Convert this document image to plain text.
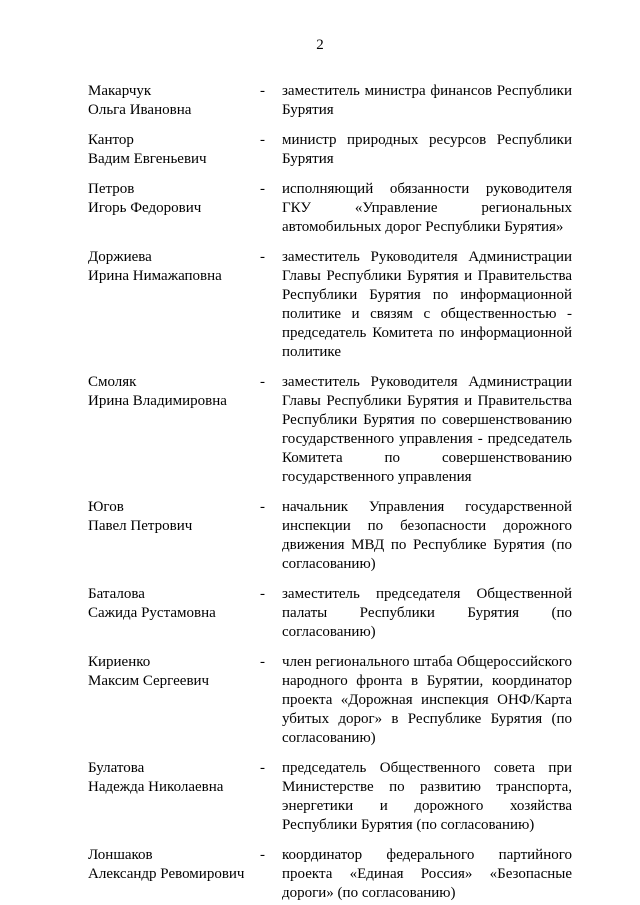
2
Макарчук
Ольга Ивановна
-	заместитель министра финансов Республики Бурятия
Кантор
Вадим Евгеньевич
-	министр природных ресурсов Республики Бурятия
Петров
Игорь Федорович
-	исполняющий обязанности руководителя ГКУ «Управление региональных автомобильных дорог Республики Бурятия»
Доржиева
Ирина Нимажаповна
-	заместитель Руководителя Администрации Главы Республики Бурятия и Правительства Республики Бурятия по информационной политике и связям с общественностью - председатель Комитета по информационной политике
Смоляк
Ирина Владимировна
-	заместитель Руководителя Администрации Главы Республики Бурятия и Правительства Республики Бурятия по совершенствованию государственного управления - председатель Комитета по совершенствованию государственного управления
Югов
Павел Петрович
-	начальник Управления государственной инспекции по безопасности дорожного движения МВД по Республике Бурятия (по согласованию)
Баталова
Сажида Рустамовна
-	заместитель председателя Общественной палаты Республики Бурятия (по согласованию)
Кириенко
Максим Сергеевич
-	член регионального штаба Общероссийского народного фронта в Бурятии, координатор проекта «Дорожная инспекция ОНФ/Карта убитых дорог» в Республике Бурятия (по согласованию)
Булатова
Надежда Николаевна
-	председатель Общественного совета при Министерстве по развитию транспорта, энергетики и дорожного хозяйства Республики Бурятия (по согласованию)
Лоншаков
Александр Ревомирович
-	координатор федерального партийного проекта «Единая Россия» «Безопасные дороги» (по согласованию)
